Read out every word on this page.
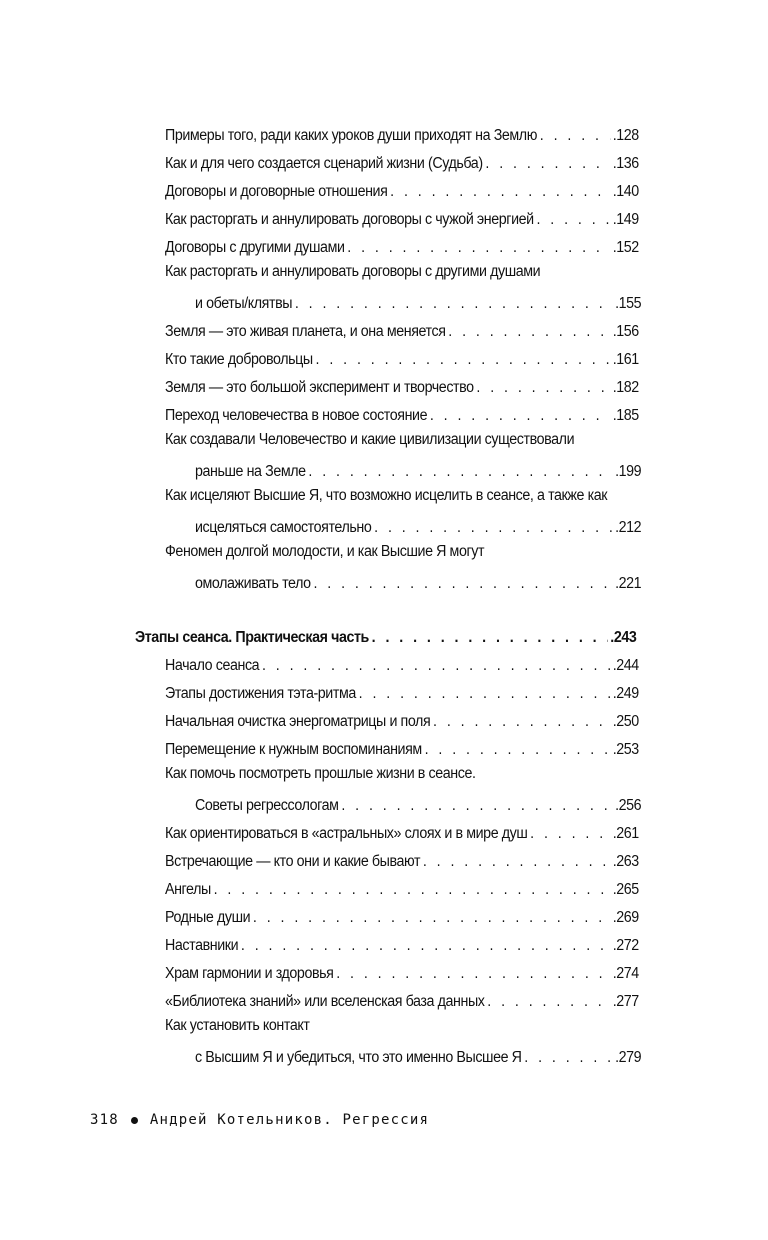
Примеры того, ради каких уроков души приходят на Землю . . .	.128
Как и для чего создается сценарий жизни (Судьба) . . .	.136
Договоры и договорные отношения . . .	.140
Как расторгать и аннулировать договоры с чужой энергией . . .	.149
Договоры с другими душами . . .	.152
Как расторгать и аннулировать договоры с другими душами
и обеты/клятвы . . .	.155
Земля — это живая планета, и она меняется . . .	.156
Кто такие добровольцы . . .	.161
Земля — это большой эксперимент и творчество . . .	.182
Переход человечества в новое состояние . . .	.185
Как создавали Человечество и какие цивилизации существовали
раньше на Земле . . .	.199
Как исцеляют Высшие Я, что возможно исцелить в сеансе, а также как
исцеляться самостоятельно . . .	.212
Феномен долгой молодости, и как Высшие Я могут
омолаживать тело . . .	.221
Этапы сеанса. Практическая часть . . .	.243
Начало сеанса . . .	.244
Этапы достижения тэта-ритма . . .	.249
Начальная очистка энергоматрицы и поля . . .	.250
Перемещение к нужным воспоминаниям . . .	.253
Как помочь посмотреть прошлые жизни в сеансе.
Советы регрессологам . . .	.256
Как ориентироваться в «астральных» слоях и в мире душ . . .	.261
Встречающие — кто они и какие бывают . . .	.263
Ангелы . . .	.265
Родные души . . .	.269
Наставники . . .	.272
Храм гармонии и здоровья . . .	.274
«Библиотека знаний» или вселенская база данных . . .	.277
Как установить контакт
с Высшим Я и убедиться, что это именно Высшее Я . . .	.279
318 Андрей Котельников. Регрессия
